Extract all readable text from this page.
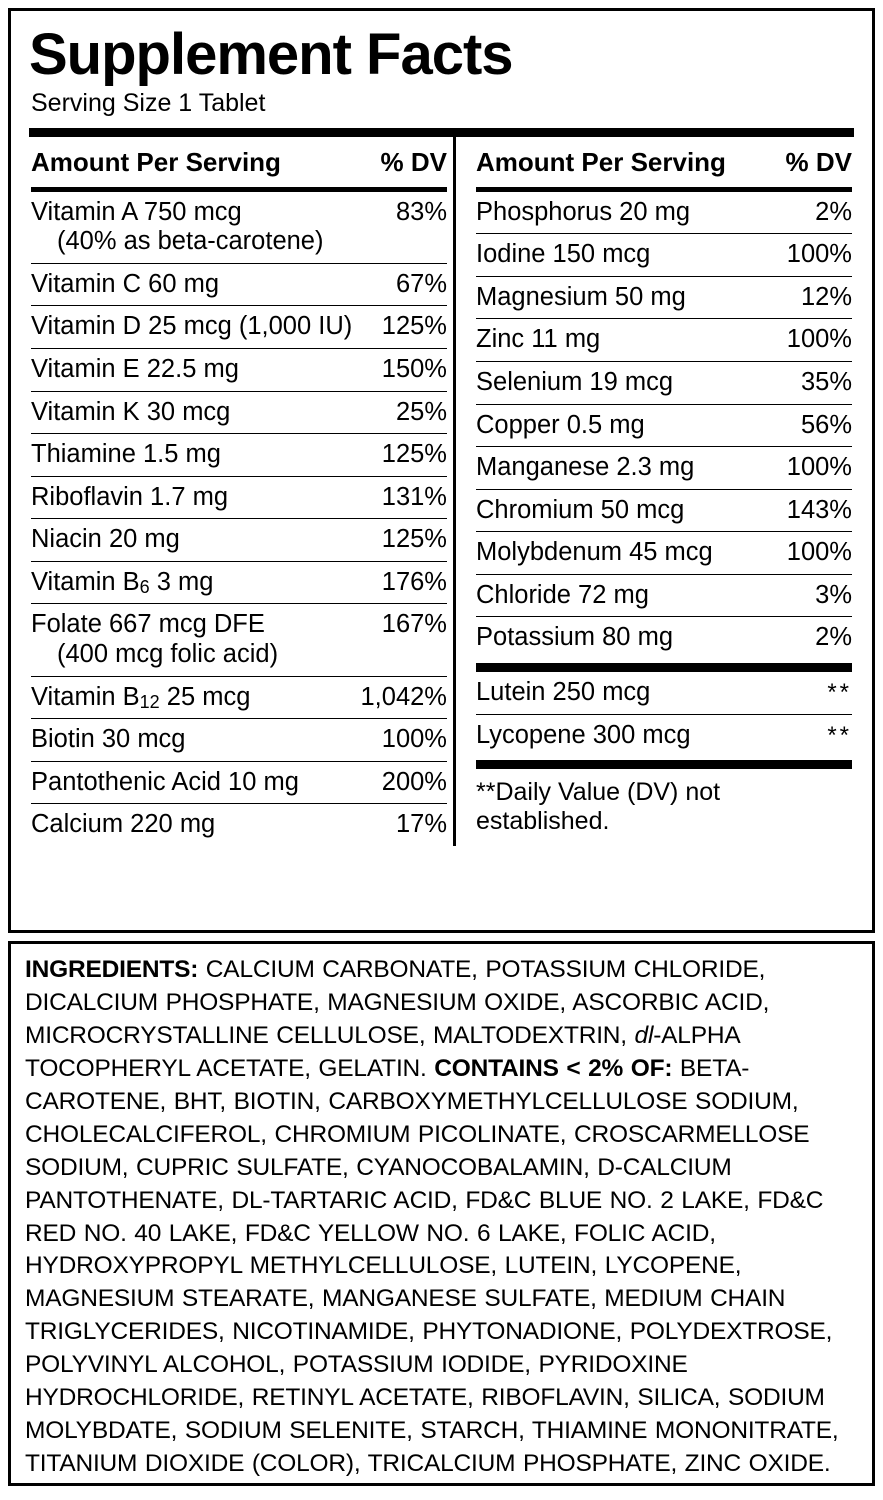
Supplement Facts
Serving Size 1 Tablet
Amount Per Serving	% DV
Vitamin A 750 mcg	83%
(40% as beta-carotene)
Vitamin C 60 mg	67%
Vitamin D 25 mcg (1,000 IU)	125%
Vitamin E 22.5 mg	150%
Vitamin K 30 mcg	25%
Thiamine 1.5 mg	125%
Riboflavin 1.7 mg	131%
Niacin 20 mg	125%
Vitamin B6 3 mg	176%
Folate 667 mcg DFE	167%
(400 mcg folic acid)
Vitamin B12 25 mcg	1,042%
Biotin 30 mcg	100%
Pantothenic Acid 10 mg	200%
Calcium 220 mg	17%
Amount Per Serving % DV
Phosphorus 20 mg	2%
Iodine 150 mcg	100%
Magnesium 50 mg	12%
Zinc 11 mg	100%
Selenium 19 mcg	35%
Copper 0.5 mg	56%
Manganese 2.3 mg	100%
Chromium 50 mcg	143%
Molybdenum 45 mcg	100%
Chloride 72 mg	3%
Potassium 80 mg	2%
Lutein 250 mcg	**
Lycopene 300 mcg	**
**Daily Value (DV) not established.
INGREDIENTS: CALCIUM CARBONATE, POTASSIUM CHLORIDE, DICALCIUM PHOSPHATE, MAGNESIUM OXIDE, ASCORBIC ACID, MICROCRYSTALLINE CELLULOSE, MALTODEXTRIN, dl-ALPHA TOCOPHERYL ACETATE, GELATIN. CONTAINS < 2% OF: BETA-CAROTENE, BHT, BIOTIN, CARBOXYMETHYLCELLULOSE SODIUM, CHOLECALCIFEROL, CHROMIUM PICOLINATE, CROSCARMELLOSE SODIUM, CUPRIC SULFATE, CYANOCOBALAMIN, D-CALCIUM PANTOTHENATE, DL-TARTARIC ACID, FD&C BLUE NO. 2 LAKE, FD&C RED NO. 40 LAKE, FD&C YELLOW NO. 6 LAKE, FOLIC ACID, HYDROXYPROPYL METHYLCELLULOSE, LUTEIN, LYCOPENE, MAGNESIUM STEARATE, MANGANESE SULFATE, MEDIUM CHAIN TRIGLYCERIDES, NICOTINAMIDE, PHYTONADIONE, POLYDEXTROSE, POLYVINYL ALCOHOL, POTASSIUM IODIDE, PYRIDOXINE HYDROCHLORIDE, RETINYL ACETATE, RIBOFLAVIN, SILICA, SODIUM MOLYBDATE, SODIUM SELENITE, STARCH, THIAMINE MONONITRATE, TITANIUM DIOXIDE (COLOR), TRICALCIUM PHOSPHATE, ZINC OXIDE.
